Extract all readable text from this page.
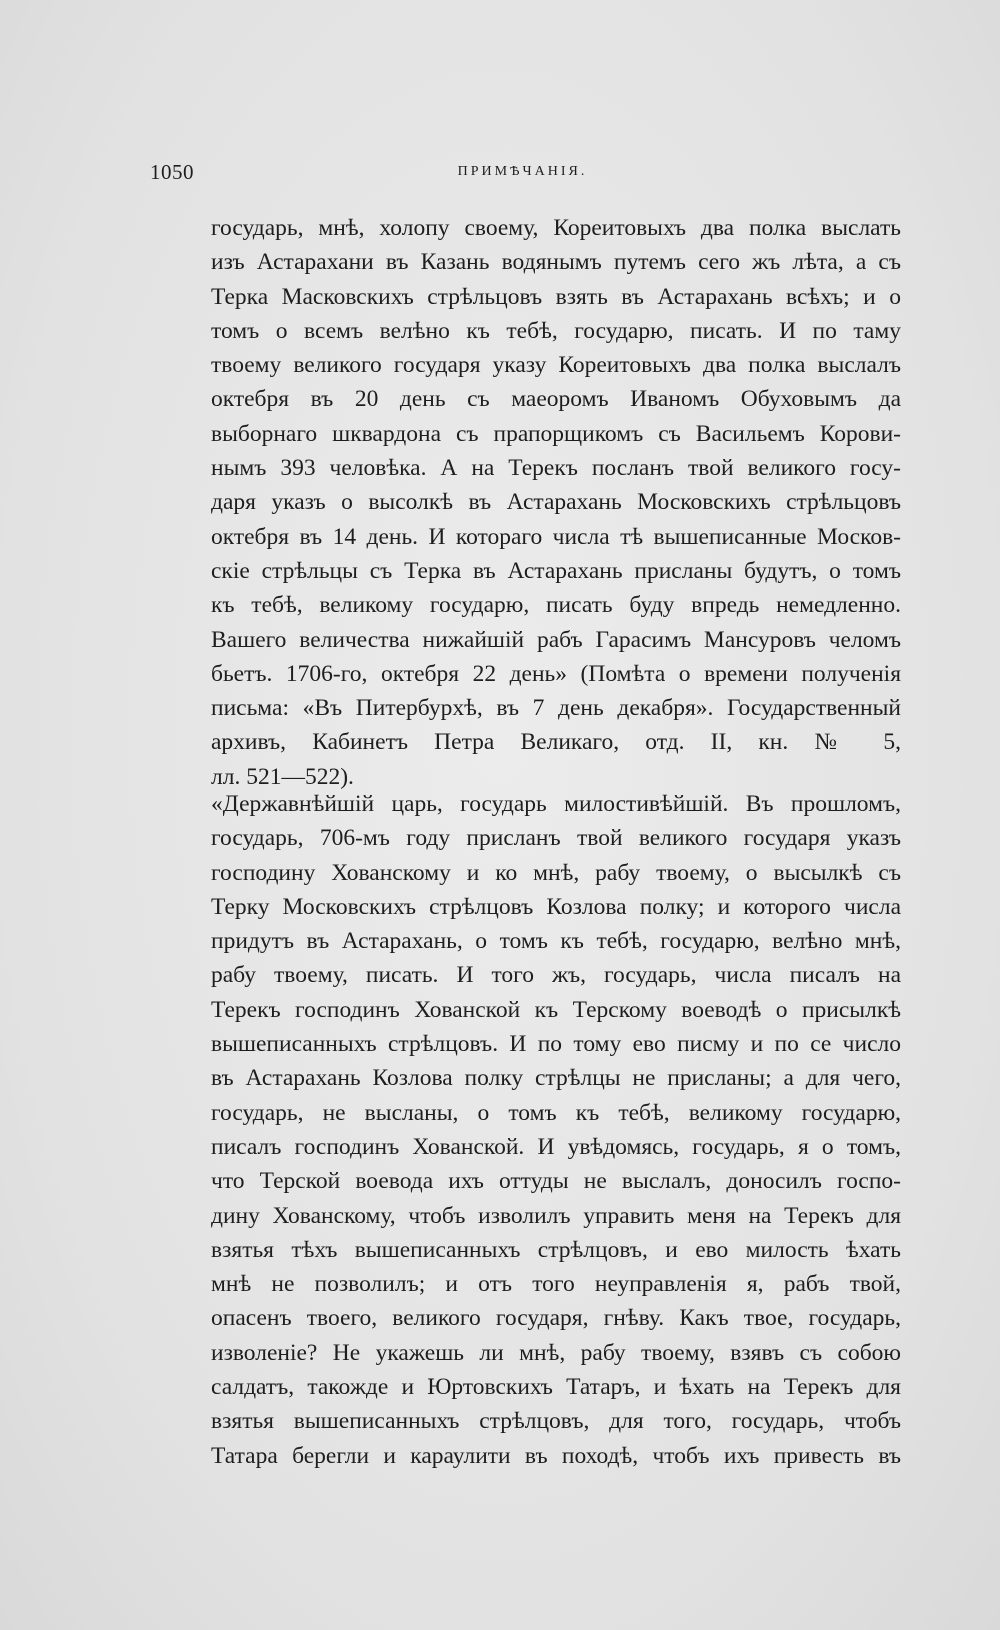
1050	ПРИМѢЧАНІЯ.
государь, мнѣ, холопу своему, Кореитовыхъ два полка выслать
изъ Астарахани въ Казань водянымъ путемъ сего жъ лѣта, а съ
Терка Масковскихъ стрѣльцовъ взять въ Астарахань всѣхъ; и о
томъ о всемъ велѣно къ тебѣ, государю, писать. И по таму
твоему великого государя указу Кореитовыхъ два полка выслалъ
октебря въ 20 день съ маеоромъ Иваномъ Обуховымъ да
выборнаго шквардона съ прапорщикомъ съ Васильемъ Корови-
нымъ 393 человѣка. А на Терекъ посланъ твой великого госу-
даря указъ о высолкѣ въ Астарахань Московскихъ стрѣльцовъ
октебря въ 14 день. И котораго числа тѣ вышеписанные Москов-
скіе стрѣльцы съ Терка въ Астарахань присланы будутъ, о томъ
къ тебѣ, великому государю, писать буду впредь немедленно.
Вашего величества нижайшій рабъ Гарасимъ Мансуровъ челомъ
бьетъ. 1706-го, октебря 22 день» (Помѣта о времени полученія
письма: «Въ Питербурхѣ, въ 7 день декабря». Государственный
архивъ, Кабинетъ Петра Великаго, отд. II, кн. № 5,
лл. 521—522).
«Державнѣйшій царь, государь милостивѣйшій. Въ прошломъ,
государь, 706-мъ году присланъ твой великого государя указъ
господину Хованскому и ко мнѣ, рабу твоему, о высылкѣ съ
Терку Московскихъ стрѣлцовъ Козлова полку; и которого числа
придутъ въ Астарахань, о томъ къ тебѣ, государю, велѣно мнѣ,
рабу твоему, писать. И того жъ, государь, числа писалъ на
Терекъ господинъ Хованской къ Терскому воеводѣ о присылкѣ
вышеписанныхъ стрѣлцовъ. И по тому ево писму и по се число
въ Астарахань Козлова полку стрѣлцы не присланы; а для чего,
государь, не высланы, о томъ къ тебѣ, великому государю,
писалъ господинъ Хованской. И увѣдомясь, государь, я о томъ,
что Терской воевода ихъ оттуды не выслалъ, доносилъ госпо-
дину Хованскому, чтобъ изволилъ управить меня на Терекъ для
взятья тѣхъ вышеписанныхъ стрѣлцовъ, и ево милость ѣхать
мнѣ не позволилъ; и отъ того неуправленія я, рабъ твой,
опасенъ твоего, великого государя, гнѣву. Какъ твое, государь,
изволеніе? Не укажешь ли мнѣ, рабу твоему, взявъ съ собою
салдатъ, такожде и Юртовскихъ Татаръ, и ѣхать на Терекъ для
взятья вышеписанныхъ стрѣлцовъ, для того, государь, чтобъ
Татара берегли и караулити въ походѣ, чтобъ ихъ привесть въ
